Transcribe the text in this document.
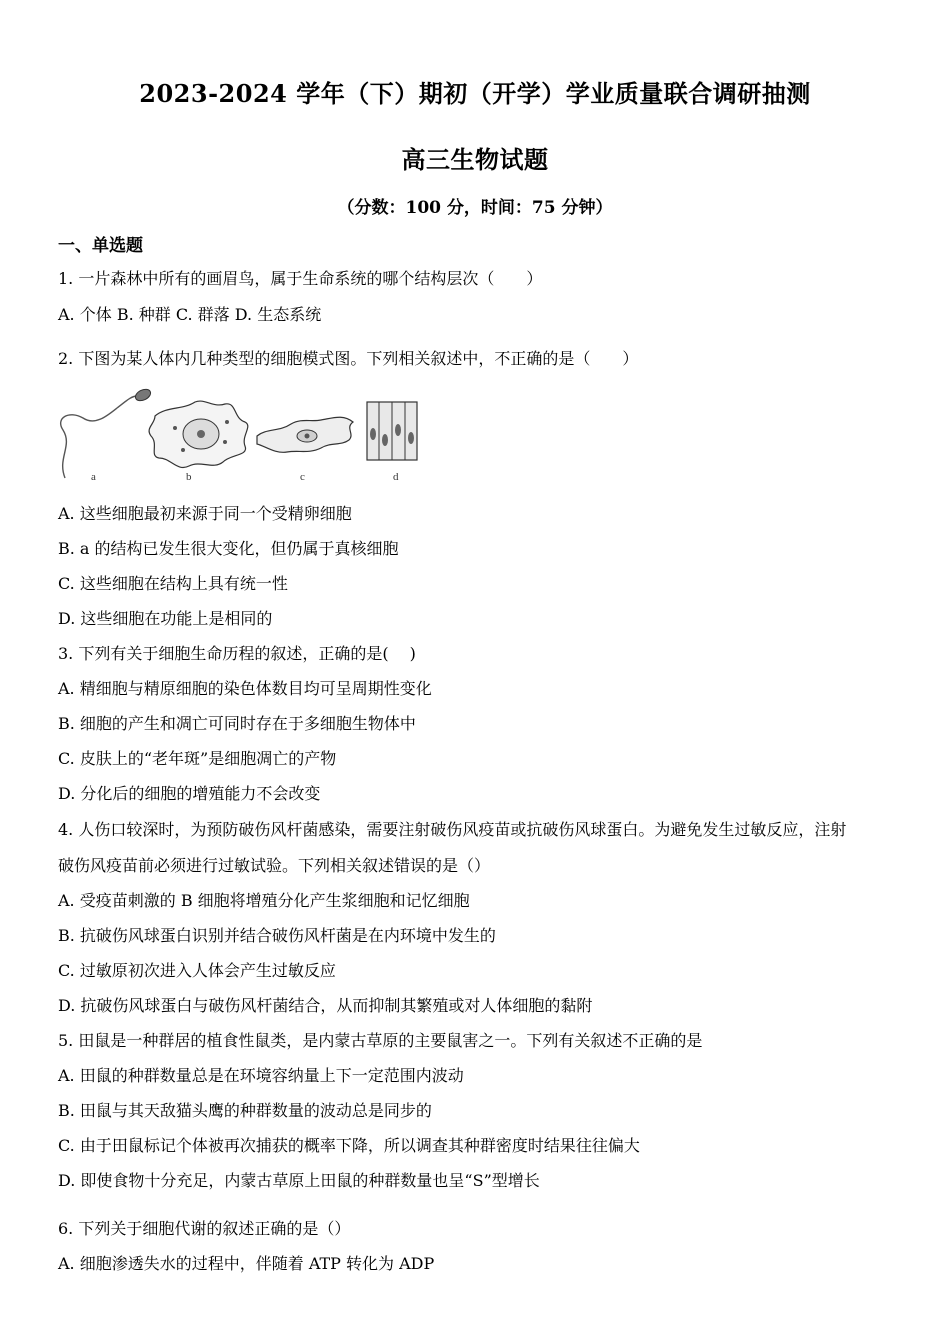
2023-2024 学年（下）期初（开学）学业质量联合调研抽测
高三生物试题
（分数：100 分，时间：75 分钟）
一、单选题
1. 一片森林中所有的画眉鸟，属于生命系统的哪个结构层次（　　）
A. 个体 B. 种群 C. 群落 D. 生态系统
2. 下图为某人体内几种类型的细胞模式图。下列相关叙述中，不正确的是（　　）
a	b	c	d
A. 这些细胞最初来源于同一个受精卵细胞
B. a 的结构已发生很大变化，但仍属于真核细胞
C. 这些细胞在结构上具有统一性
D. 这些细胞在功能上是相同的
3. 下列有关于细胞生命历程的叙述，正确的是(　 )
A. 精细胞与精原细胞的染色体数目均可呈周期性变化
B. 细胞的产生和凋亡可同时存在于多细胞生物体中
C. 皮肤上的“老年斑”是细胞凋亡的产物
D. 分化后的细胞的增殖能力不会改变
4. 人伤口较深时，为预防破伤风杆菌感染，需要注射破伤风疫苗或抗破伤风球蛋白。为避免发生过敏反应，注射
破伤风疫苗前必须进行过敏试验。下列相关叙述错误的是（）
A. 受疫苗刺激的 B 细胞将增殖分化产生浆细胞和记忆细胞
B. 抗破伤风球蛋白识别并结合破伤风杆菌是在内环境中发生的
C. 过敏原初次进入人体会产生过敏反应
D. 抗破伤风球蛋白与破伤风杆菌结合，从而抑制其繁殖或对人体细胞的黏附
5. 田鼠是一种群居的植食性鼠类，是内蒙古草原的主要鼠害之一。下列有关叙述不正确的是
A. 田鼠的种群数量总是在环境容纳量上下一定范围内波动
B. 田鼠与其天敌猫头鹰的种群数量的波动总是同步的
C. 由于田鼠标记个体被再次捕获的概率下降，所以调查其种群密度时结果往往偏大
D. 即使食物十分充足，内蒙古草原上田鼠的种群数量也呈“S”型增长
6. 下列关于细胞代谢的叙述正确的是（）
A. 细胞渗透失水的过程中，伴随着 ATP 转化为 ADP
